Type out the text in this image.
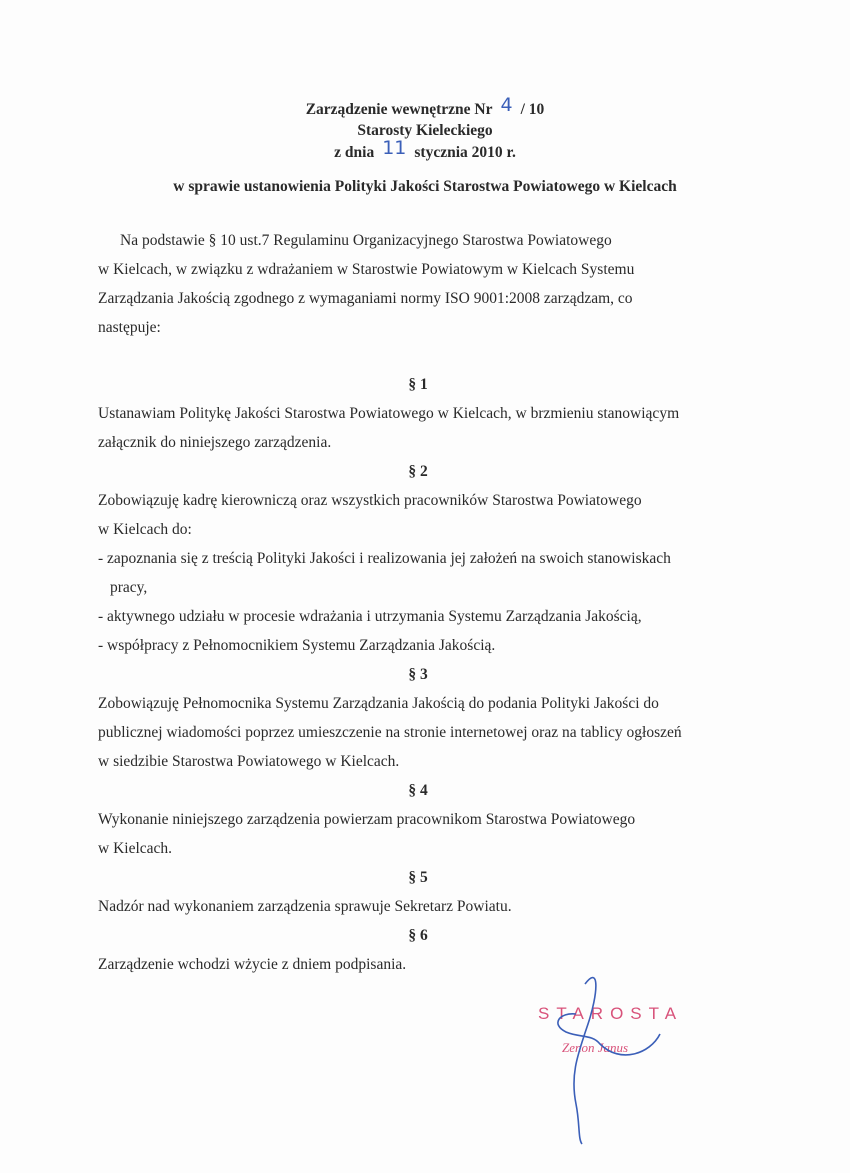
Zarządzenie wewnętrzne Nr 4 / 10
Starosty Kieleckiego
z dnia 11 stycznia 2010 r.
w sprawie ustanowienia Polityki Jakości Starostwa Powiatowego w Kielcach
Na podstawie § 10 ust.7 Regulaminu Organizacyjnego Starostwa Powiatowego
w Kielcach, w związku z wdrażaniem w Starostwie Powiatowym w Kielcach Systemu
Zarządzania Jakością zgodnego z wymaganiami normy ISO 9001:2008 zarządzam, co
następuje:
§ 1
Ustanawiam Politykę Jakości Starostwa Powiatowego w Kielcach, w brzmieniu stanowiącym
załącznik do niniejszego zarządzenia.
§ 2
Zobowiązuję kadrę kierowniczą oraz wszystkich pracowników Starostwa Powiatowego
w Kielcach do:
- zapoznania się z treścią Polityki Jakości i realizowania jej założeń na swoich stanowiskach
pracy,
- aktywnego udziału w procesie wdrażania i utrzymania Systemu Zarządzania Jakością,
- współpracy z Pełnomocnikiem Systemu Zarządzania Jakością.
§ 3
Zobowiązuję Pełnomocnika Systemu Zarządzania Jakością do podania Polityki Jakości do
publicznej wiadomości poprzez umieszczenie na stronie internetowej oraz na tablicy ogłoszeń
w siedzibie Starostwa Powiatowego w Kielcach.
§ 4
Wykonanie niniejszego zarządzenia powierzam pracownikom Starostwa Powiatowego
w Kielcach.
§ 5
Nadzór nad wykonaniem zarządzenia sprawuje Sekretarz Powiatu.
§ 6
Zarządzenie wchodzi wżycie z dniem podpisania.
STAROSTA
Zenon Janus
